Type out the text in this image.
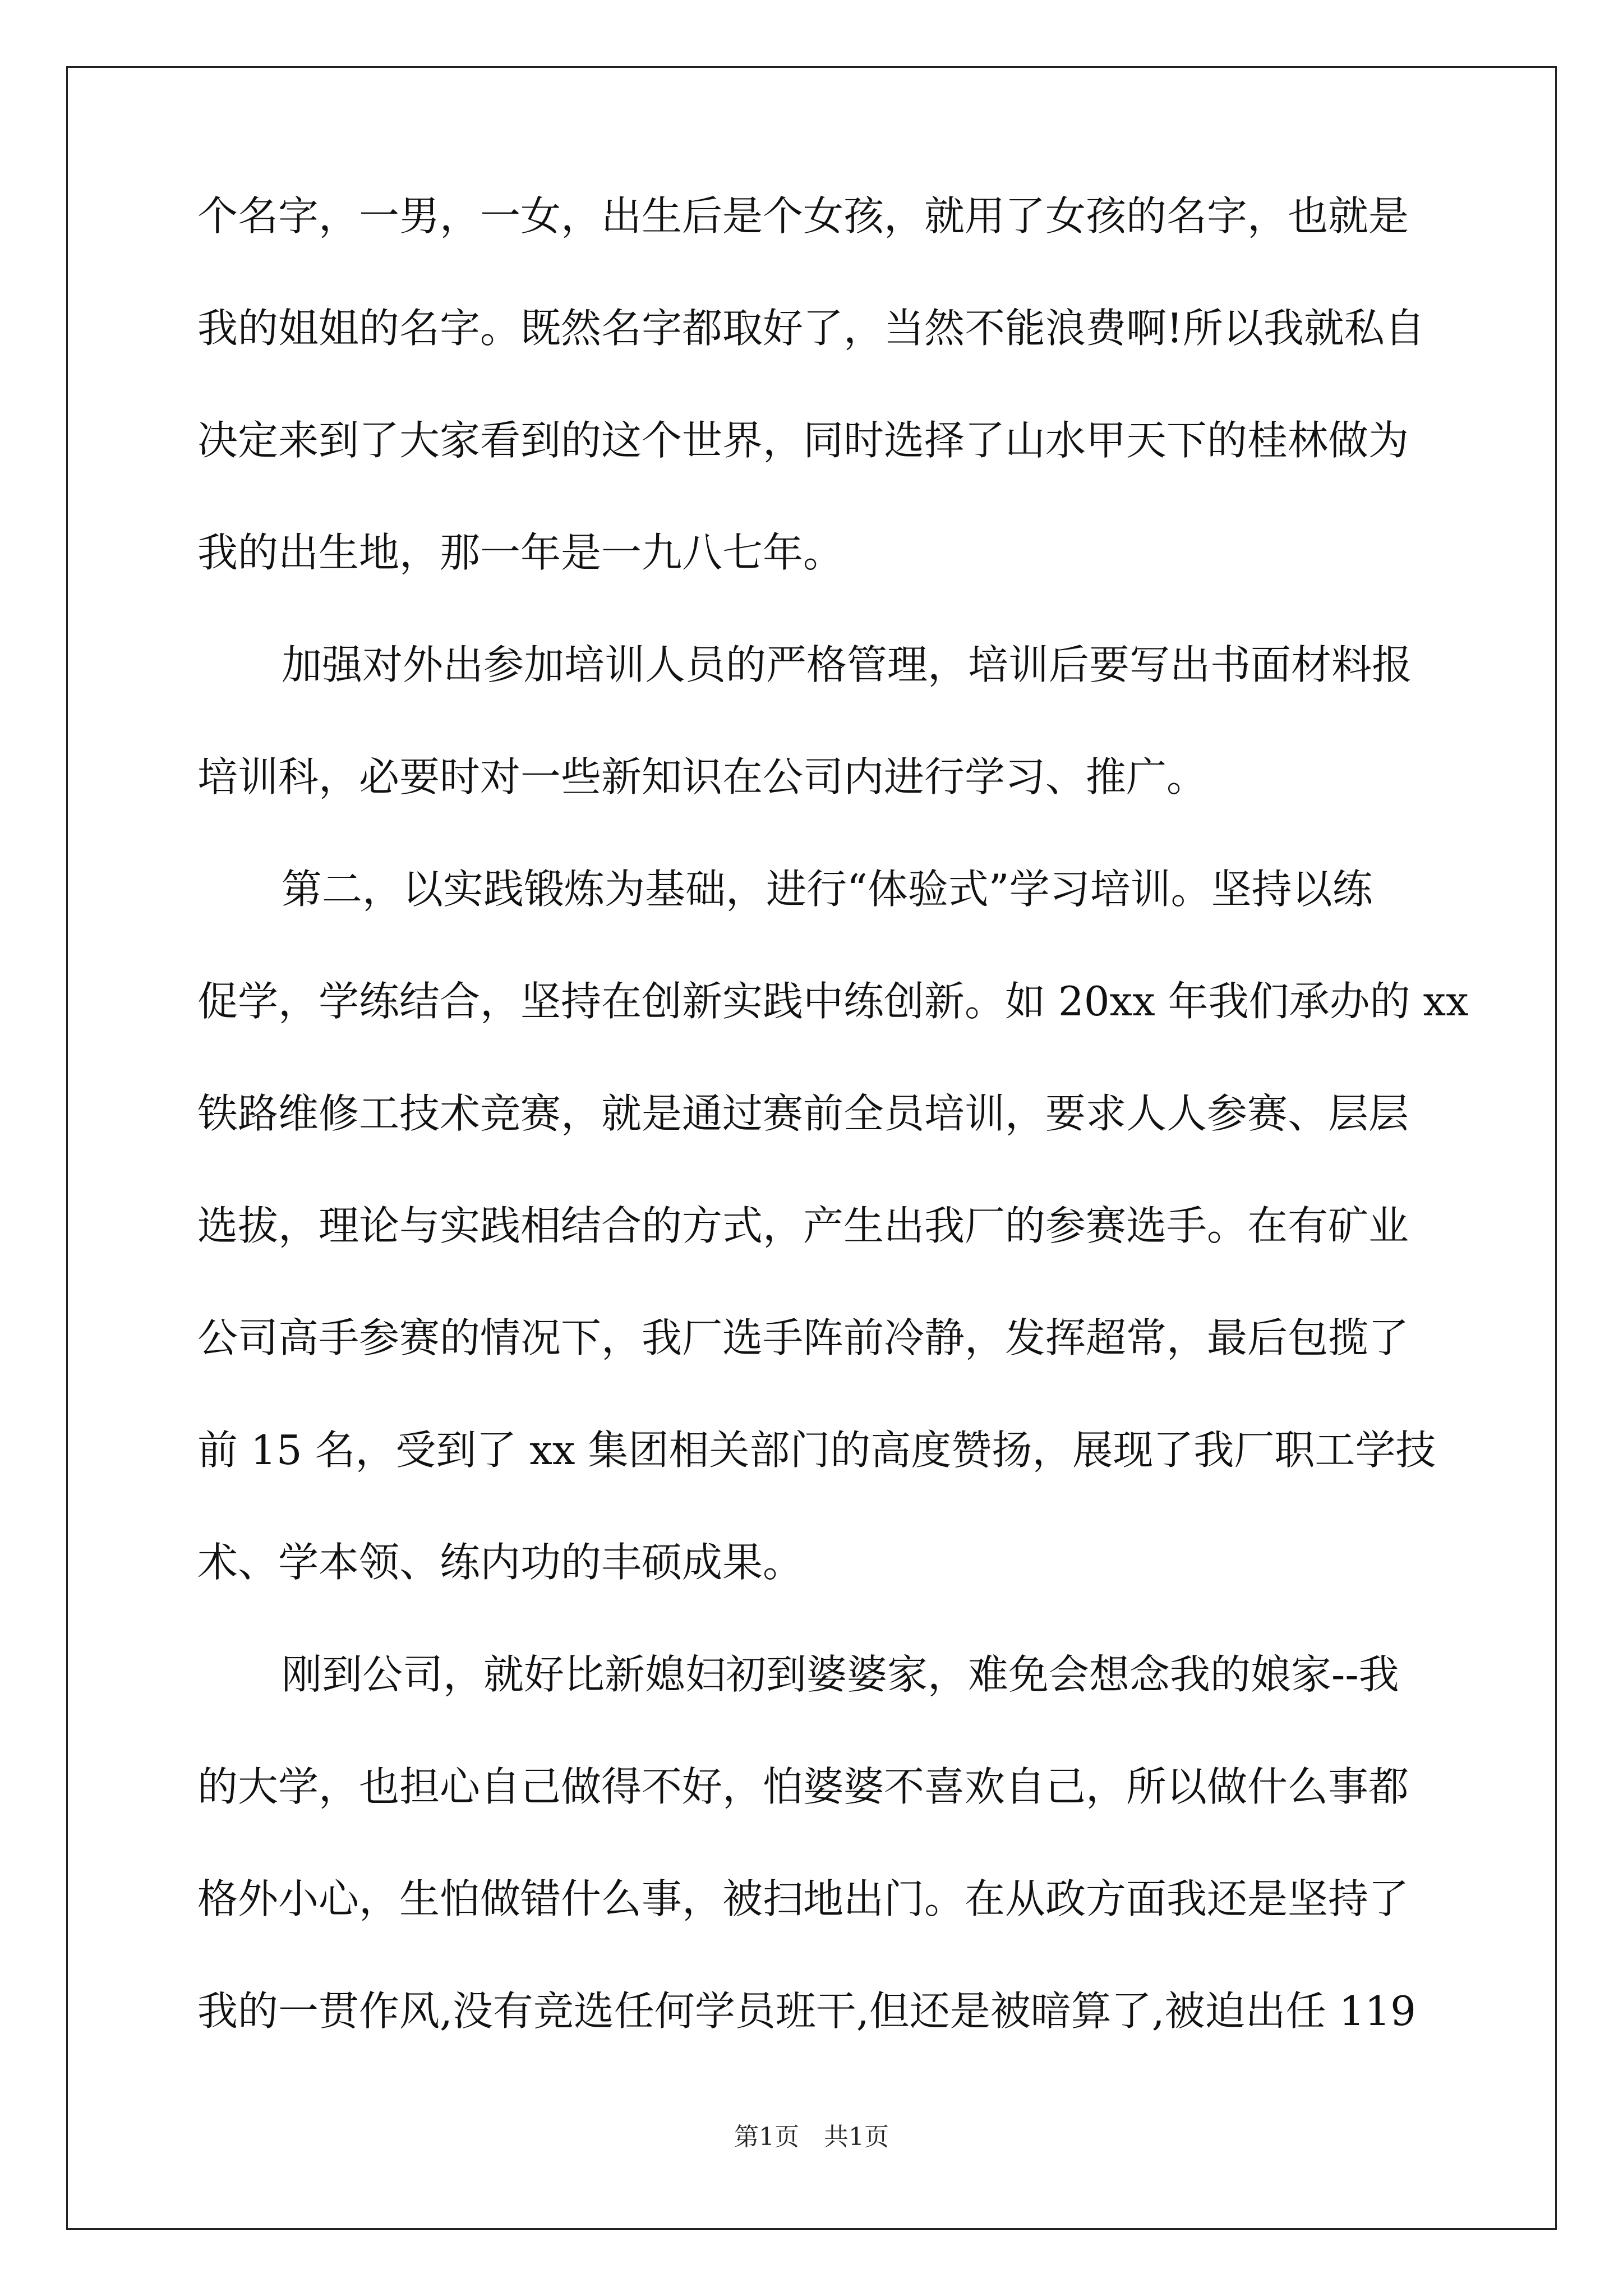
个名字，一男，一女，出生后是个女孩，就用了女孩的名字，也就是
我的姐姐的名字。既然名字都取好了，当然不能浪费啊!所以我就私自
决定来到了大家看到的这个世界，同时选择了山水甲天下的桂林做为
我的出生地，那一年是一九八七年。
加强对外出参加培训人员的严格管理，培训后要写出书面材料报
培训科，必要时对一些新知识在公司内进行学习、推广。
第二，以实践锻炼为基础，进行“体验式”学习培训。坚持以练
促学，学练结合，坚持在创新实践中练创新。如 20xx 年我们承办的 xx
铁路维修工技术竞赛，就是通过赛前全员培训，要求人人参赛、层层
选拔，理论与实践相结合的方式，产生出我厂的参赛选手。在有矿业
公司高手参赛的情况下，我厂选手阵前冷静，发挥超常，最后包揽了
前 15 名，受到了 xx 集团相关部门的高度赞扬，展现了我厂职工学技
术、学本领、练内功的丰硕成果。
刚到公司，就好比新媳妇初到婆婆家，难免会想念我的娘家--我
的大学，也担心自己做得不好，怕婆婆不喜欢自己，所以做什么事都
格外小心，生怕做错什么事，被扫地出门。在从政方面我还是坚持了
我的一贯作风,没有竞选任何学员班干,但还是被暗算了,被迫出任 119
第1页　共1页
